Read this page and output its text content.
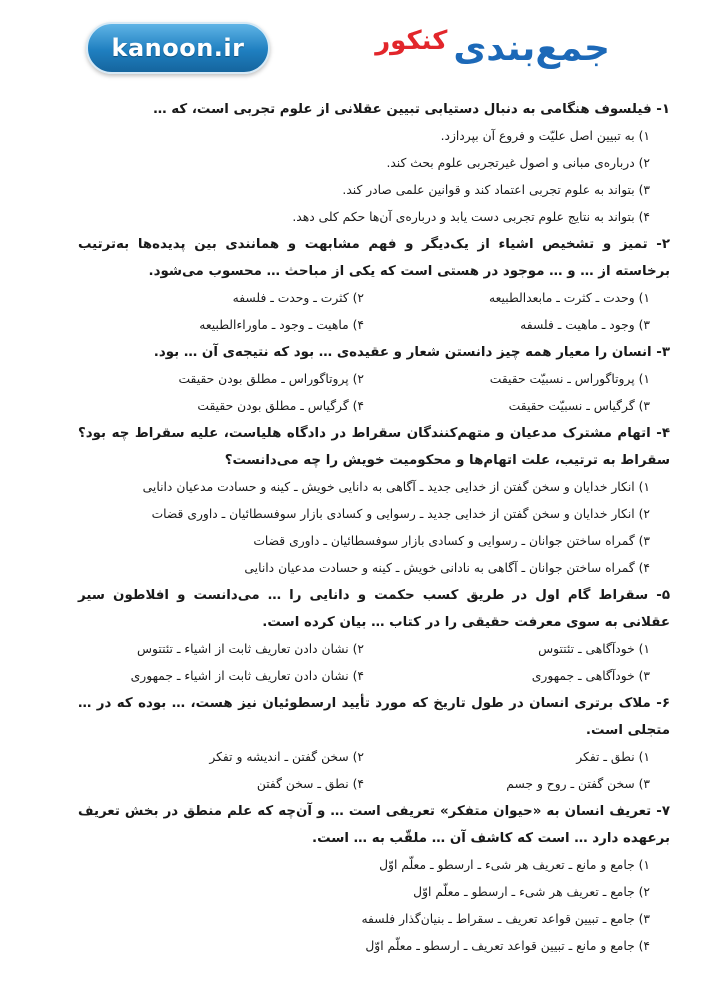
kanoon.ir	جمع‌بندی
کنکور
۱- فیلسوف هنگامی به دنبال دستیابی تبیین عقلانی از علوم تجربی است، که …
۱) به تبیین اصل علیّت و فروع آن بپردازد.
۲) درباره‌ی مبانی و اصول غیرتجربی علوم بحث کند.
۳) بتواند به علوم تجربی اعتماد کند و قوانین علمی صادر کند.
۴) بتواند به نتایج علوم تجربی دست یابد و درباره‌ی آن‌ها حکم کلی دهد.
۲- تمیز و تشخیص اشیاء از یک‌دیگر و فهم مشابهت و همانندی بین پدیده‌ها به‌ترتیب برخاسته از … و … موجود در هستی است که یکی از مباحث … محسوب می‌شود.
۱) وحدت ـ کثرت ـ مابعدالطبیعه
۲) کثرت ـ وحدت ـ فلسفه
۳) وجود ـ ماهیت ـ فلسفه
۴) ماهیت ـ وجود ـ ماوراءالطبیعه
۳- انسان را معیار همه چیز دانستن شعار و عقیده‌ی … بود که نتیجه‌ی آن … بود.
۱) پروتاگوراس ـ نسبیّت حقیقت
۲) پروتاگوراس ـ مطلق بودن حقیقت
۳) گرگیاس ـ نسبیّت حقیقت
۴) گرگیاس ـ مطلق بودن حقیقت
۴- اتهام مشترک مدعیان و متهم‌کنندگان سقراط در دادگاه هلیاست، علیه سقراط چه بود؟ سقراط به ترتیب، علت اتهام‌ها و محکومیت خویش را چه می‌دانست؟
۱) انکار خدایان و سخن گفتن از خدایی جدید ـ آگاهی به دانایی خویش ـ کینه و حسادت مدعیان دانایی
۲) انکار خدایان و سخن گفتن از خدایی جدید ـ رسوایی و کسادی بازار سوفسطائیان ـ داوری قضات
۳) گمراه ساختن جوانان ـ رسوایی و کسادی بازار سوفسطائیان ـ داوری قضات
۴) گمراه ساختن جوانان ـ آگاهی به نادانی خویش ـ کینه و حسادت مدعیان دانایی
۵- سقراط گام اول در طریق کسب حکمت و دانایی را … می‌دانست و افلاطون سیر عقلانی به سوی معرفت حقیقی را در کتاب … بیان کرده است.
۱) خودآگاهی ـ تئتتوس
۲) نشان دادن تعاریف ثابت از اشیاء ـ تئتتوس
۳) خودآگاهی ـ جمهوری
۴) نشان دادن تعاریف ثابت از اشیاء ـ جمهوری
۶- ملاک برتری انسان در طول تاریخ که مورد تأیید ارسطوئیان نیز هست، … بوده که در … متجلی است.
۱) نطق ـ تفکر
۲) سخن گفتن ـ اندیشه و تفکر
۳) سخن گفتن ـ روح و جسم
۴) نطق ـ سخن گفتن
۷- تعریف انسان به «حیوان متفکر» تعریفی است … و آن‌چه که علم منطق در بخش تعریف برعهده دارد … است که کاشف آن … ملقّب به … است.
۱) جامع و مانع ـ تعریف هر شیء ـ ارسطو ـ معلّم اوّل
۲) جامع ـ تعریف هر شیء ـ ارسطو ـ معلّم اوّل
۳) جامع ـ تبیین قواعد تعریف ـ سقراط ـ بنیان‌گذار فلسفه
۴) جامع و مانع ـ تبیین قواعد تعریف ـ ارسطو ـ معلّم اوّل
